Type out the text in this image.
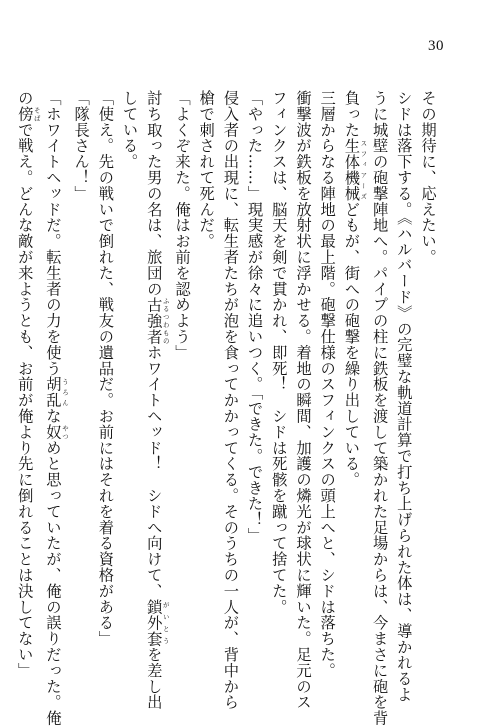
30
その期待に、応えたい。
シドは落下する。《ハルバード》の完璧な軌道計算で打ち上げられた体は、導かれるよ
うに城壁の砲撃陣地へ。パイプの柱に鉄板を渡して築かれた足場からは、今まさに砲を背
負った生体機械 スフィアーズどもが、街への砲撃を繰り出している。
三層からなる陣地の最上階。砲撃仕様のスフィンクスの頭上へと、シドは落ちた。
衝撃波が鉄板を放射状に浮かせる。着地の瞬間、加護の燐光が球状に輝いた。足元のス
フィンクスは、脳天を剣で貫かれ、即死！　シドは死骸を蹴って捨てた。
「やった……」現実感が徐々に追いつく。「できた。できた！」
侵入者の出現に、転生者たちが泡を食ってかかってくる。そのうちの一人が、背中から
槍で刺されて死んだ。
「よくぞ来た。俺はお前を認めよう」
討ち取った男の名は、旅団の古強者 ふるつわものホワイトヘッド！　シドへ向けて、鎖外套 がいとうを差し出
している。
「使え。先の戦いで倒れた、戦友の遺品だ。お前にはそれを着る資格がある」
「隊長さん！」
「ホワイトヘッドだ。転生者の力を使う胡乱 うろんな奴 やつめと思っていたが、俺の誤りだった。俺
の傍 そばで戦え。どんな敵が来ようとも、お前が俺より先に倒れることは決してない」
